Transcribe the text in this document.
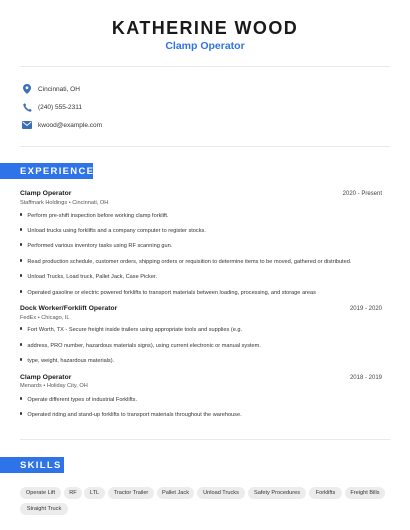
KATHERINE WOOD
Clamp Operator
Cincinnati, OH
(240) 555-2311
kwood@example.com
EXPERIENCE
Clamp Operator	2020 - Present
Staffmark Holdings • Cincinnati, OH
Perform pre-shift inspection before working clamp forklift.
Unload trucks using forklifts and a company computer to register stocks.
Performed various inventory tasks using RF scanning gun.
Read production schedule, customer orders, shipping orders or requisition to determine items to be moved, gathered or distributed.
Unload Trucks, Load truck, Pallet Jack, Case Picker.
Operated gasoline or electric powered forklifts to transport materials between loading, processing, and storage areas
Dock Worker/Forklift Operator	2019 - 2020
FedEx • Chicago, IL
Fort Worth, TX - Secure freight inside trailers using appropriate tools and supplies (e.g.
address, PRO number, hazardous materials signs), using current electronic or manual system.
type, weight, hazardous materials).
Clamp Operator	2018 - 2019
Menards • Holiday City, OH
Operate different types of industrial Forklifts.
Operated riding and stand-up forklifts to transport materials throughout the warehouse.
SKILLS
Operate Lift	RF	LTL	Tractor Trailer	Pallet Jack	Unload Trucks	Safety Procedures	Forklifts	Freight Bills
Straight Truck
